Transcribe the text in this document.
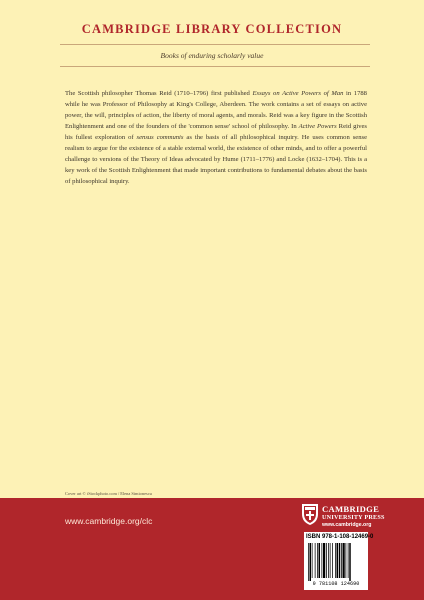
CAMBRIDGE LIBRARY COLLECTION
Books of enduring scholarly value

The Scottish philosopher Thomas Reid (1710–1796) first published Essays on Active Powers of Man in 1788 while he was Professor of Philosophy at King's College, Aberdeen. The work contains a set of essays on active power, the will, principles of action, the liberty of moral agents, and morals. Reid was a key figure in the Scottish Enlightenment and one of the founders of the 'common sense' school of philosophy. In Active Powers Reid gives his fullest exploration of sensus communis as the basis of all philosophical inquiry. He uses common sense realism to argue for the existence of a stable external world, the existence of other minds, and to offer a powerful challenge to versions of the Theory of Ideas advocated by Hume (1711–1776) and Locke (1632–1704). This is a key work of the Scottish Enlightenment that made important contributions to fundamental debates about the basis of philosophical inquiry.

Cover art © iStockphoto.com / Elena Simionescu
www.cambridge.org/clc
CAMBRIDGE
UNIVERSITY PRESS
www.cambridge.org
ISBN 978-1-108-12469-0
9 781108 124690
